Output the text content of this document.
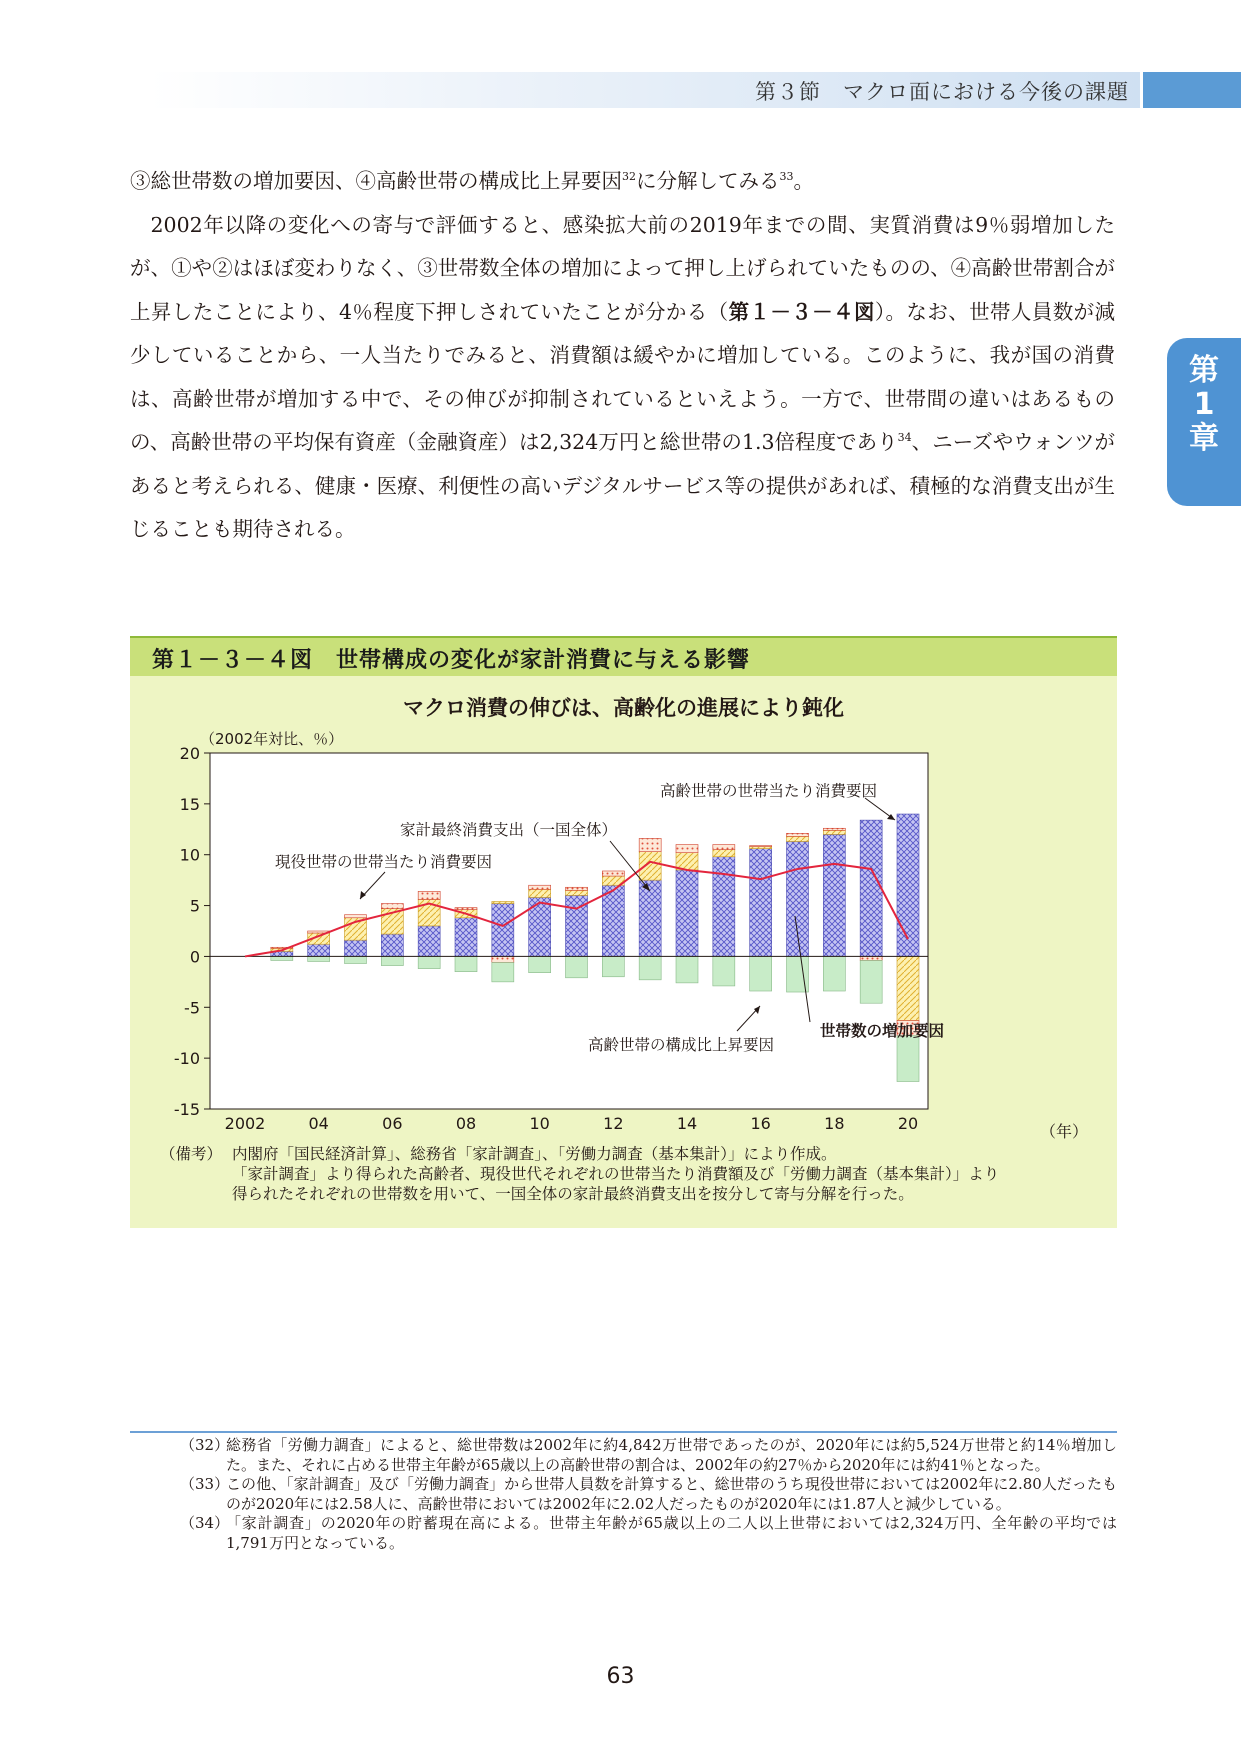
第３節　マクロ面における今後の課題
第
1
章

③総世帯数の増加要因、④高齢世帯の構成比上昇要因$^{32}$に分解してみる$^{33}$。

2002年以降の変化への寄与で評価すると、感染拡大前の2019年までの間、実質消費は9％弱増加したが、①や②はほぼ変わりなく、③世帯数全体の増加によって押し上げられていたものの、④高齢世帯割合が上昇したことにより、4％程度下押しされていたことが分かる（第１－３－４図）。なお、世帯人員数が減少していることから、一人当たりでみると、消費額は緩やかに増加している。このように、我が国の消費は、高齢世帯が増加する中で、その伸びが抑制されているといえよう。一方で、世帯間の違いはあるものの、高齢世帯の平均保有資産（金融資産）は2,324万円と総世帯の1.3倍程度であり$^{34}$、ニーズやウォンツがあると考えられる、健康・医療、利便性の高いデジタルサービス等の提供があれば、積極的な消費支出が生じることも期待される。

第１－３－４図　世帯構成の変化が家計消費に与える影響
マクロ消費の伸びは、高齢化の進展により鈍化
20
15
10
5
0
-5
-10
-15
2002	04	06	08	10	12	14	16	18	20
（2002年対比、％）
（年）
高齢世帯の世帯当たり消費要因
家計最終消費支出（一国全体）
現役世帯の世帯当たり消費要因
高齢世帯の構成比上昇要因
世帯数の増加要因
（備考） 内閣府「国民経済計算」、総務省「家計調査」、「労働力調査（基本集計）」により作成。
「家計調査」より得られた高齢者、現役世代それぞれの世帯当たり消費額及び「労働力調査（基本集計）」より
得られたそれぞれの世帯数を用いて、一国全体の家計最終消費支出を按分して寄与分解を行った。
（32）
総務省「労働力調査」によると、総世帯数は2002年に約4,842万世帯であったのが、2020年には約5,524万世帯と約14％増加した。また、それに占める世帯主年齢が65歳以上の高齢世帯の割合は、2002年の約27％から2020年には約41％となった。
（33）
この他、「家計調査」及び「労働力調査」から世帯人員数を計算すると、総世帯のうち現役世帯においては2002年に2.80人だったものが2020年には2.58人に、高齢世帯においては2002年に2.02人だったものが2020年には1.87人と減少している。
（34）
「家計調査」の2020年の貯蓄現在高による。世帯主年齢が65歳以上の二人以上世帯においては2,324万円、全年齢の平均では1,791万円となっている。
63
